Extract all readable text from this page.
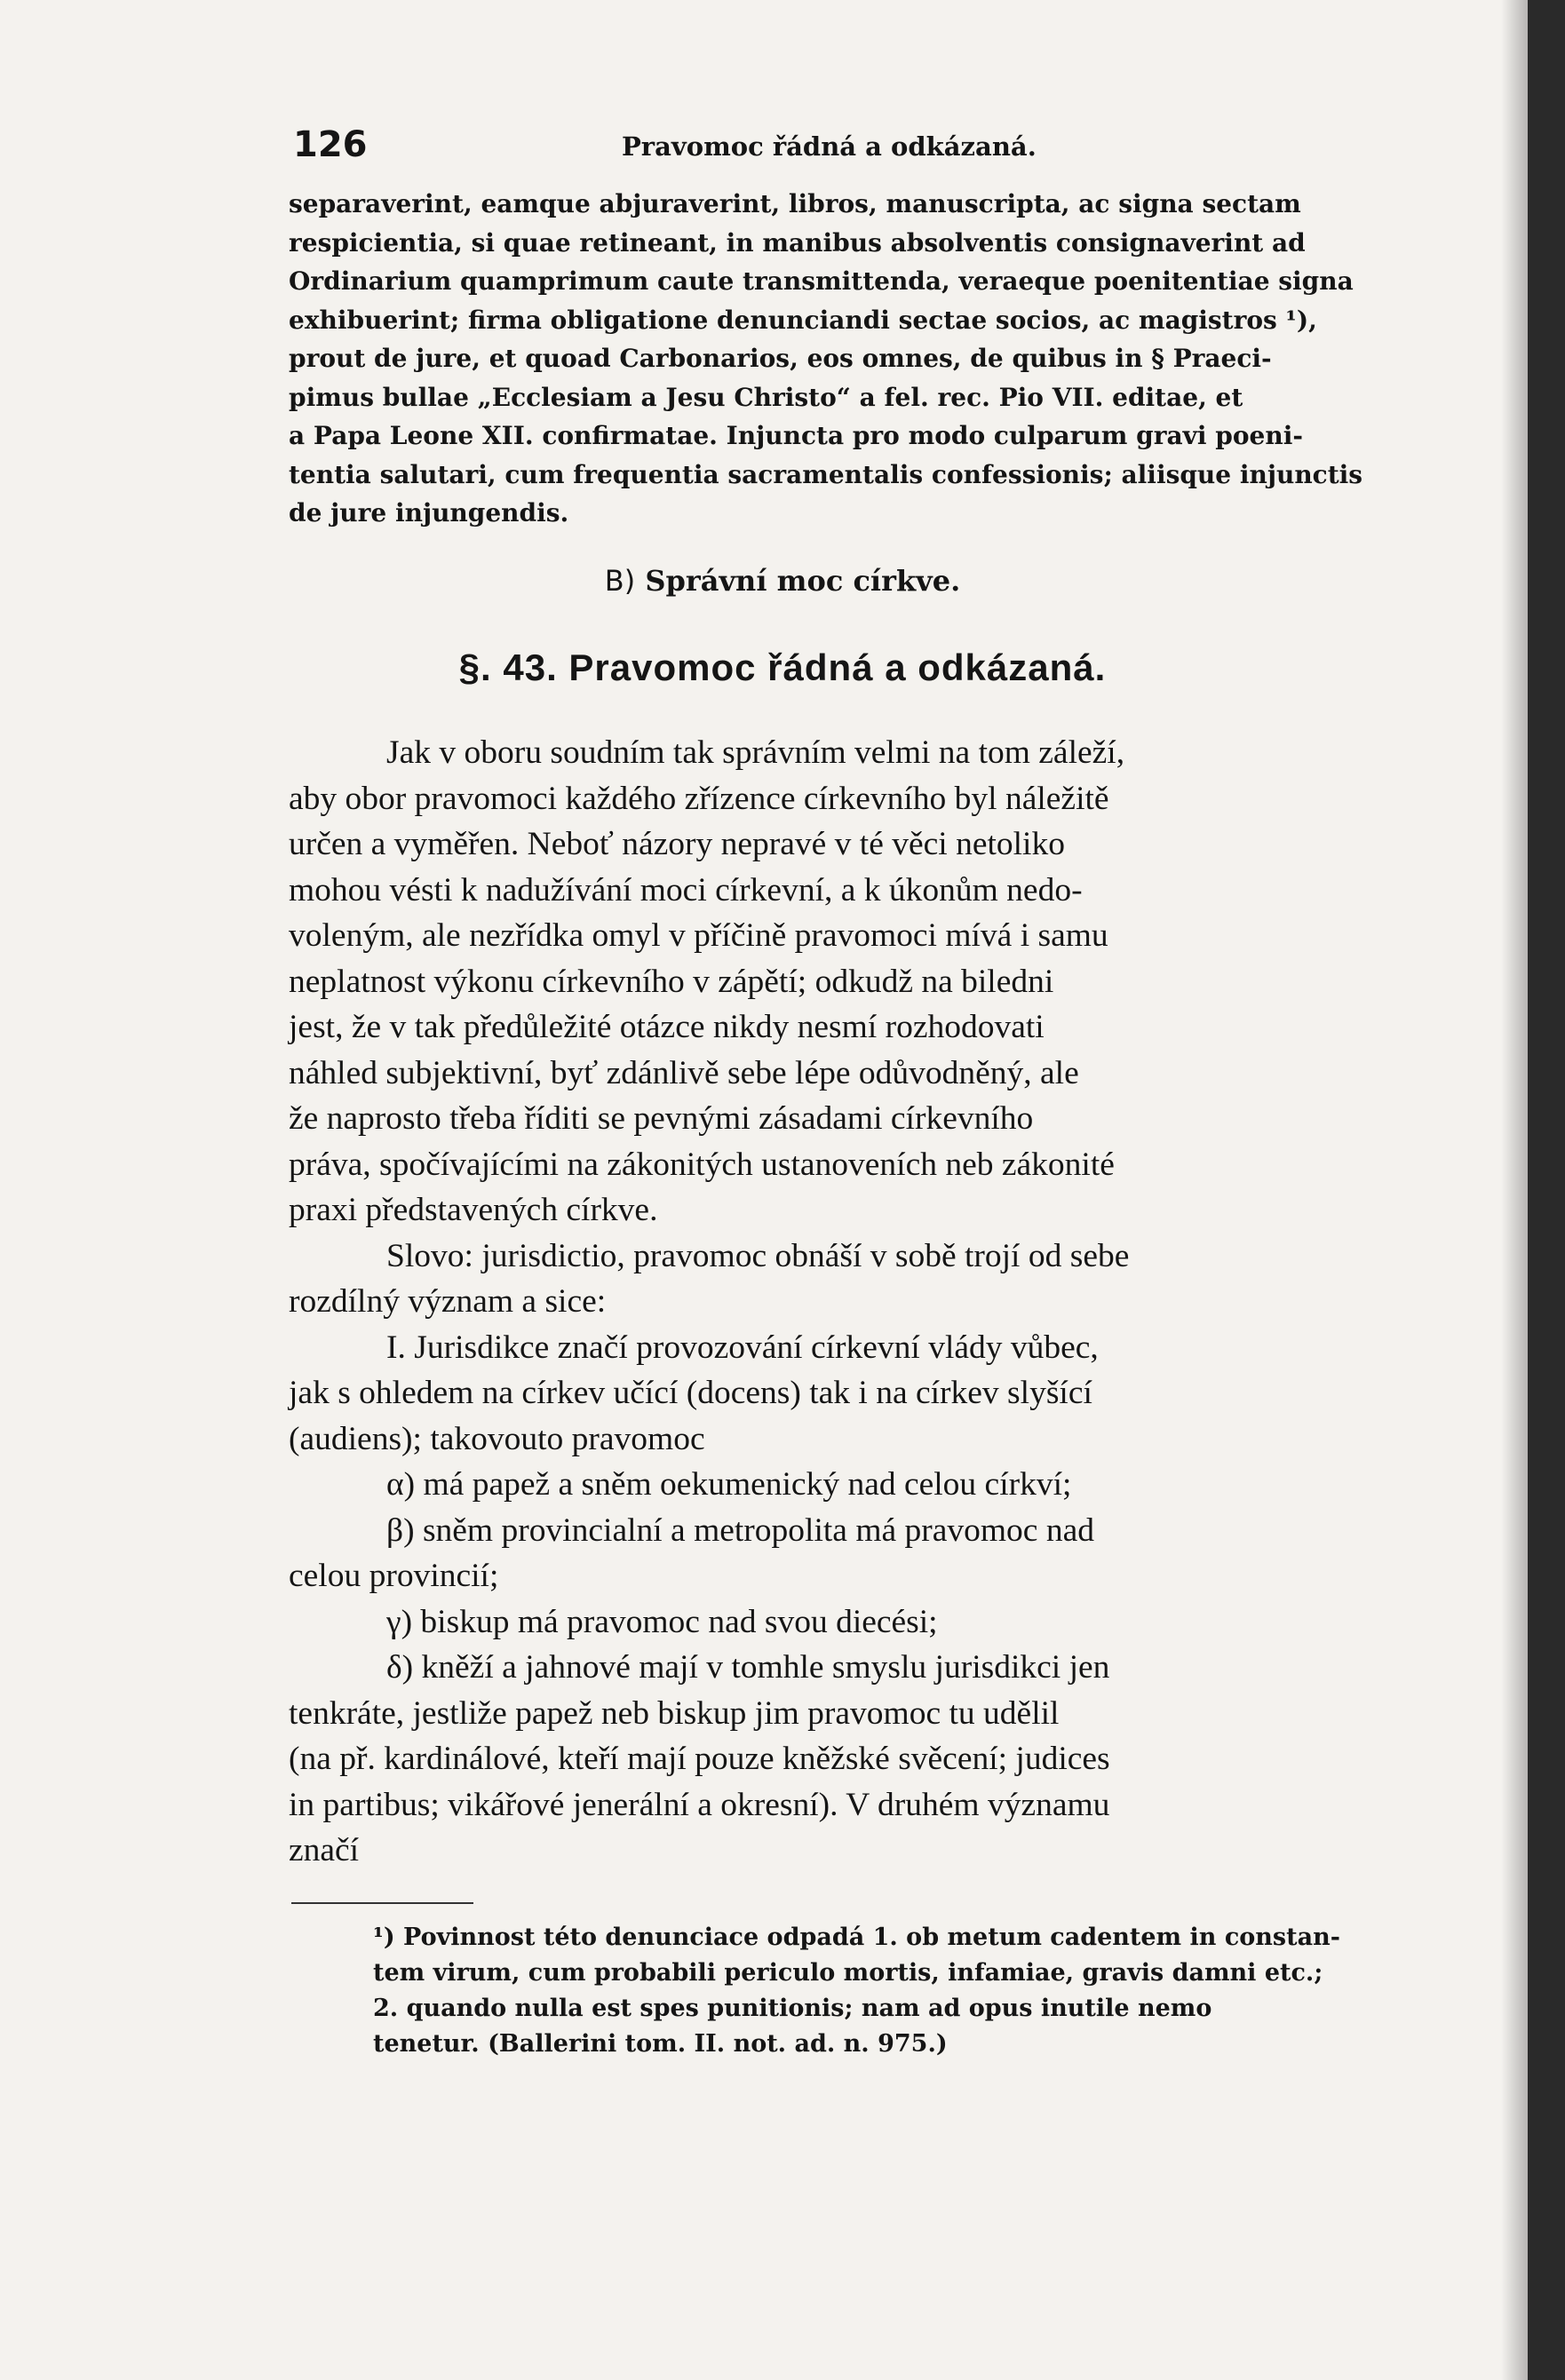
126	Pravomoc řádná a odkázaná.
separaverint, eamque abjuraverint, libros, manuscripta, ac signa sectam
respicientia, si quae retineant, in manibus absolventis consignaverint ad
Ordinarium quamprimum caute transmittenda, veraeque poenitentiae signa
exhibuerint; firma obligatione denunciandi sectae socios, ac magistros ¹),
prout de jure, et quoad Carbonarios, eos omnes, de quibus in § Praeci-
pimus bullae „Ecclesiam a Jesu Christo“ a fel. rec. Pio VII. editae, et
a Papa Leone XII. confirmatae. Injuncta pro modo culparum gravi poeni-
tentia salutari, cum frequentia sacramentalis confessionis; aliisque injunctis
de jure injungendis.
B) Správní moc církve.
§. 43. Pravomoc řádná a odkázaná.
Jak v oboru soudním tak správním velmi na tom záleží,
aby obor pravomoci každého zřízence církevního byl náležitě
určen a vyměřen. Neboť názory nepravé v té věci netoliko
mohou vésti k nadužívání moci církevní, a k úkonům nedo-
voleným, ale nezřídka omyl v příčině pravomoci mívá i samu
neplatnost výkonu církevního v zápětí; odkudž na biledni
jest, že v tak předůležité otázce nikdy nesmí rozhodovati
náhled subjektivní, byť zdánlivě sebe lépe odůvodněný, ale
že naprosto třeba říditi se pevnými zásadami církevního
práva, spočívajícími na zákonitých ustanoveních neb zákonité
praxi představených církve.
Slovo: jurisdictio, pravomoc obnáší v sobě trojí od sebe
rozdílný význam a sice:
I. Jurisdikce značí provozování církevní vlády vůbec,
jak s ohledem na církev učící (docens) tak i na církev slyšící
(audiens); takovouto pravomoc
α) má papež a sněm oekumenický nad celou církví;
β) sněm provincialní a metropolita má pravomoc nad
celou provincií;
γ) biskup má pravomoc nad svou diecési;
δ) kněží a jahnové mají v tomhle smyslu jurisdikci jen
tenkráte, jestliže papež neb biskup jim pravomoc tu udělil
(na př. kardinálové, kteří mají pouze kněžské svěcení; judices
in partibus; vikářové jenerální a okresní). V druhém významu
značí
¹) Povinnost této denunciace odpadá 1. ob metum cadentem in constan-
tem virum, cum probabili periculo mortis, infamiae, gravis damni etc.;
2. quando nulla est spes punitionis; nam ad opus inutile nemo
tenetur. (Ballerini tom. II. not. ad. n. 975.)
